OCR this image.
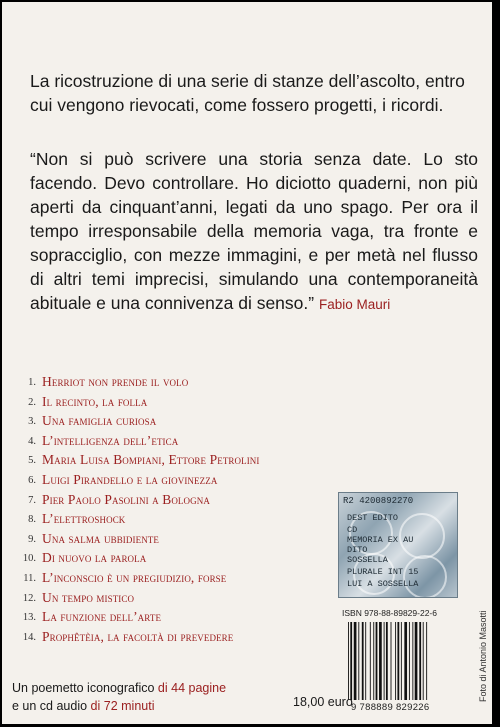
La ricostruzione di una serie di stanze dell’ascolto, entro cui vengono rievocati, come fossero progetti, i ricordi.
“Non si può scrivere una storia senza date. Lo sto facendo. Devo controllare. Ho diciotto quaderni, non più aperti da cinquant’anni, legati da uno spago. Per ora il tempo irresponsabile della memoria vaga, tra fronte e sopracciglio, con mezze immagini, e per metà nel flusso di altri temi imprecisi, simulando una contemporaneità abituale e una connivenza di senso.” Fabio Mauri
1. Herriot non prende il volo
2. Il recinto, la folla
3. Una famiglia curiosa
4. L’intelligenza dell’etica
5. Maria Luisa Bompiani, Ettore Petrolini
6. Luigi Pirandello e la giovinezza
7. Pier Paolo Pasolini a Bologna
8. L’elettroshock
9. Una salma ubbidiente
10. Di nuovo la parola
11. L’inconscio è un pregiudizio, forse
12. Un tempo mistico
13. La funzione dell’arte
14. Prophêtèia, la facoltà di prevedere
R2 4200892270
DEST EDITO
CD
MEMORIA EX AU
DITO
SOSSELLA
PLURALE INT 15
LUI A SOSSELLA
ISBN 978-88-89829-22-6
9 788889 829226
Foto di Antonio Masotti
Un poemetto iconografico di 44 pagine
e un cd audio di 72 minuti	18,00 euro
